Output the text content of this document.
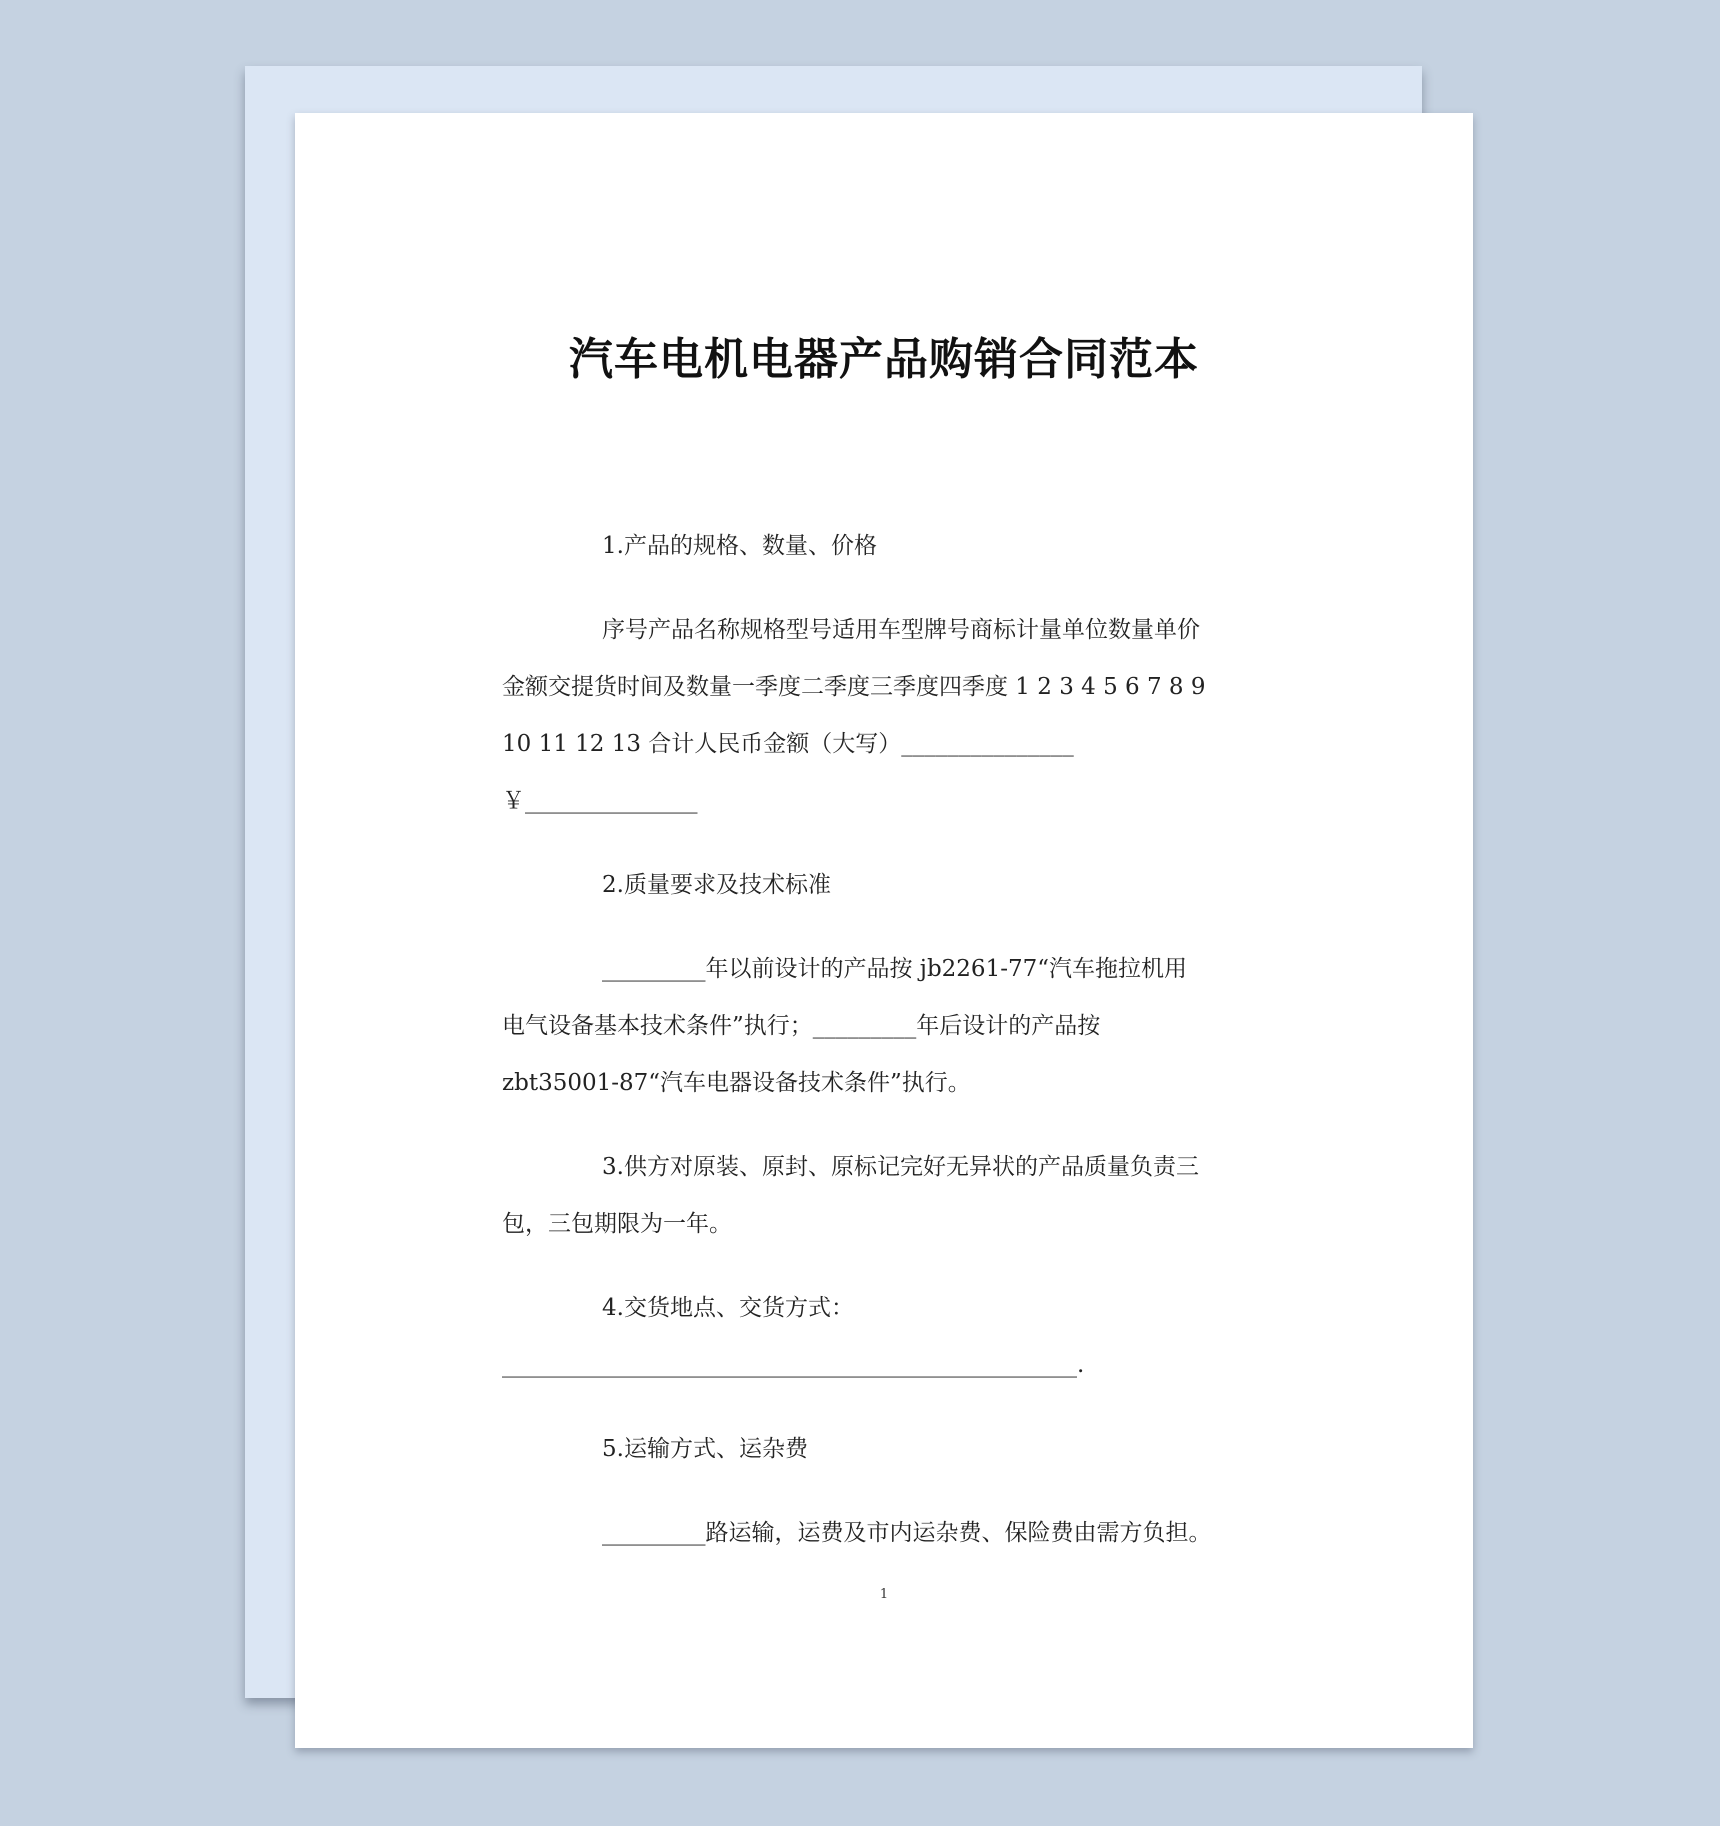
汽车电机电器产品购销合同范本
1.产品的规格、数量、价格
序号产品名称规格型号适用车型牌号商标计量单位数量单价
金额交提货时间及数量一季度二季度三季度四季度 1 2 3 4 5 6 7 8 9
10 11 12 13 合计人民币金额（大写）_______________
￥_______________
2.质量要求及技术标准
_________年以前设计的产品按 jb2261-77“汽车拖拉机用
电气设备基本技术条件”执行；_________年后设计的产品按
zbt35001-87“汽车电器设备技术条件”执行。
3.供方对原装、原封、原标记完好无异状的产品质量负责三
包，三包期限为一年。
4.交货地点、交货方式：
__________________________________________________.
5.运输方式、运杂费
_________路运输，运费及市内运杂费、保险费由需方负担。
1
